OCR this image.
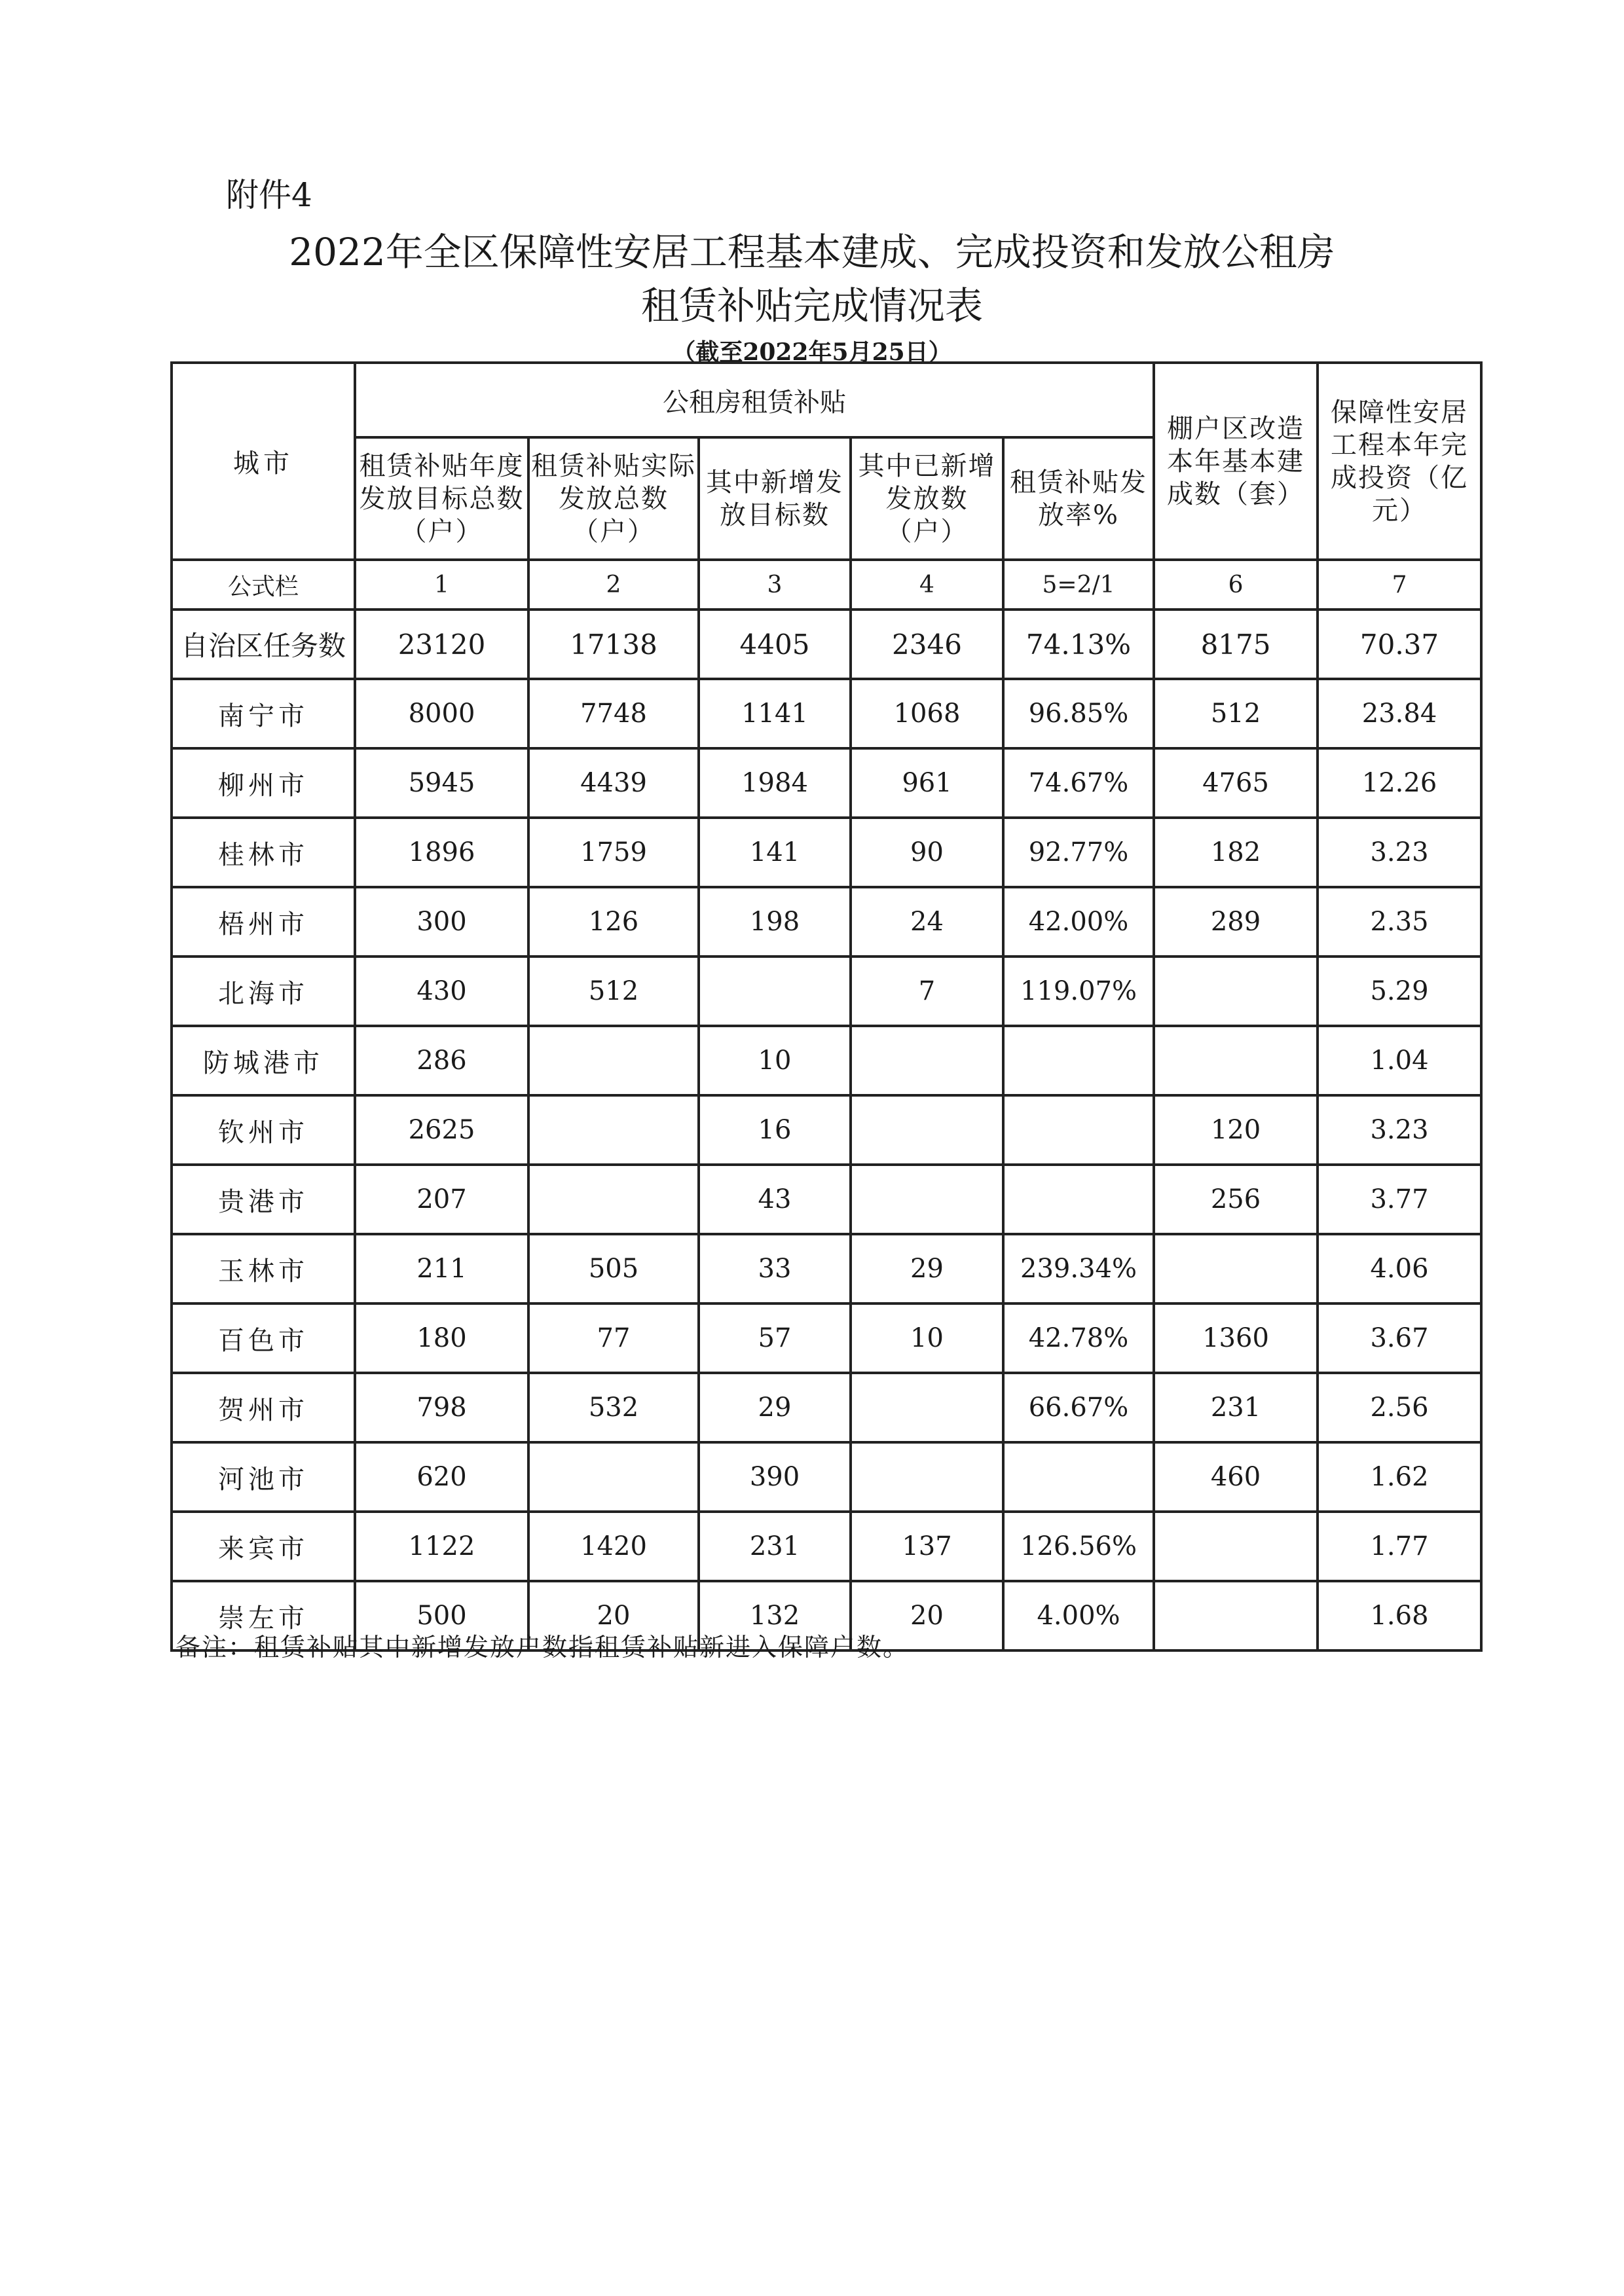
附件4
2022年全区保障性安居工程基本建成、完成投资和发放公租房
租赁补贴完成情况表
（截至2022年5月25日）
城市	公租房租赁补贴					棚户区改造本年基本建成数（套）	保障性安居工程本年完成投资（亿元）
	租赁补贴年度发放目标总数（户）	租赁补贴实际发放总数（户）	其中新增发放目标数	其中已新增发放数（户）	租赁补贴发放率%		
公式栏	1	2	3	4	5=2/1	6	7
自治区任务数	23120	17138	4405	2346	74.13%	8175	70.37
南宁市	8000	7748	1141	1068	96.85%	512	23.84
柳州市	5945	4439	1984	961	74.67%	4765	12.26
桂林市	1896	1759	141	90	92.77%	182	3.23
梧州市	300	126	198	24	42.00%	289	2.35
北海市	430	512		7	119.07%		5.29
防城港市	286		10				1.04
钦州市	2625		16			120	3.23
贵港市	207		43			256	3.77
玉林市	211	505	33	29	239.34%		4.06
百色市	180	77	57	10	42.78%	1360	3.67
贺州市	798	532	29		66.67%	231	2.56
河池市	620		390			460	1.62
来宾市	1122	1420	231	137	126.56%		1.77
崇左市	500	20	132	20	4.00%		1.68
备注：租赁补贴其中新增发放户数指租赁补贴新进入保障户数。
